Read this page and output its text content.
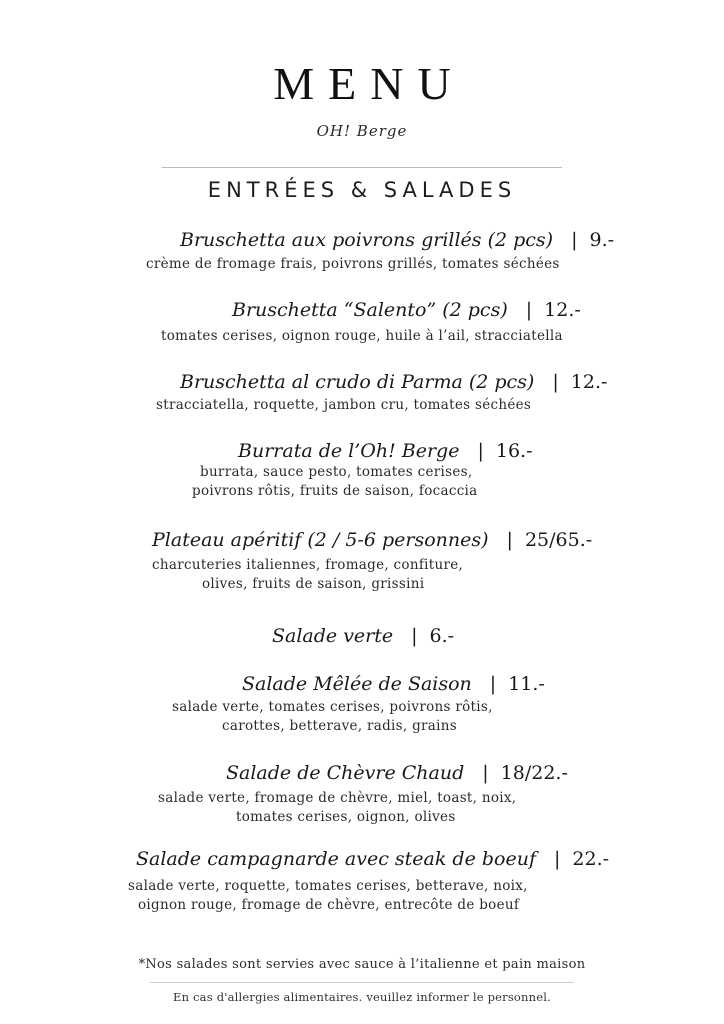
MENU
OH! Berge
ENTRÉES & SALADES
Bruschetta aux poivrons grillés (2 pcs) | 9.-
crème de fromage frais, poivrons grillés, tomates séchées
Bruschetta “Salento” (2 pcs) | 12.-
tomates cerises, oignon rouge, huile à l’ail, stracciatella
Bruschetta al crudo di Parma (2 pcs) | 12.-
stracciatella, roquette, jambon cru, tomates séchées
Burrata de l’Oh! Berge | 16.-
burrata, sauce pesto, tomates cerises,
poivrons rôtis, fruits de saison, focaccia
Plateau apéritif (2 / 5-6 personnes) | 25/65.-
charcuteries italiennes, fromage, confiture,
olives, fruits de saison, grissini
Salade verte | 6.-
Salade Mêlée de Saison | 11.-
salade verte, tomates cerises, poivrons rôtis,
carottes, betterave, radis, grains
Salade de Chèvre Chaud | 18/22.-
salade verte, fromage de chèvre, miel, toast, noix,
tomates cerises, oignon, olives
Salade campagnarde avec steak de boeuf | 22.-
salade verte, roquette, tomates cerises, betterave, noix,
oignon rouge, fromage de chèvre, entrecôte de boeuf
*Nos salades sont servies avec sauce à l’italienne et pain maison
En cas d'allergies alimentaires. veuillez informer le personnel.
